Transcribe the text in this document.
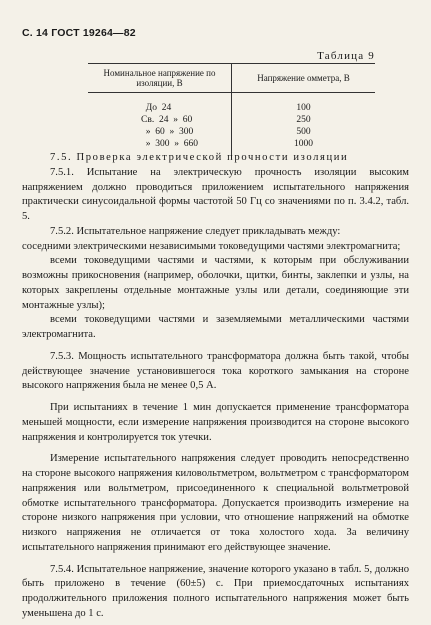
С. 14 ГОСТ 19264—82
Таблица 9
Номинальное напряжение по изоляции, В	Напряжение омметра, В

До  24	100
Св.  24  »  60	250
»  60  »  300	500
»  300  »  660	1000

7.5. Проверка электрической прочности изоляции

7.5.1. Испытание на электрическую прочность изоляции высоким напряжением должно проводиться приложением испытательного напряжения практически синусоидальной формы частотой 50 Гц со значениями по п. 3.4.2, табл. 5.

7.5.2. Испытательное напряжение следует прикладывать между:

соседними электрическими независимыми токоведущими частями электромагнита;

всеми токоведущими частями и частями, к которым при обслуживании возможны прикосновения (например, оболочки, щитки, бинты, заклепки и узлы, на которых закреплены отдельные монтажные узлы или детали, соединяющие эти монтажные узлы);

всеми токоведущими частями и заземляемыми металлическими частями электромагнита.

7.5.3. Мощность испытательного трансформатора должна быть такой, чтобы действующее значение установившегося тока короткого замыкания на стороне высокого напряжения была не менее 0,5 А.

При испытаниях в течение 1 мин допускается применение трансформатора меньшей мощности, если измерение напряжения производится на стороне высокого напряжения и контролируется ток утечки.

Измерение испытательного напряжения следует проводить непосредственно на стороне высокого напряжения киловольтметром, вольтметром с трансформатором напряжения или вольтметром, присоединенного к специальной вольтметровой обмотке испытательного трансформатора. Допускается производить измерение на стороне низкого напряжения при условии, что отношение напряжений на обмотке низкого напряжения не отличается от тока холостого хода. За величину испытательного напряжения принимают его действующее значение.

7.5.4. Испытательное напряжение, значение которого указано в табл. 5, должно быть приложено в течение (60±5) с. При приемосдаточных испытаниях продолжительного приложения полного испытательного напряжения может быть уменьшена до 1 с.
